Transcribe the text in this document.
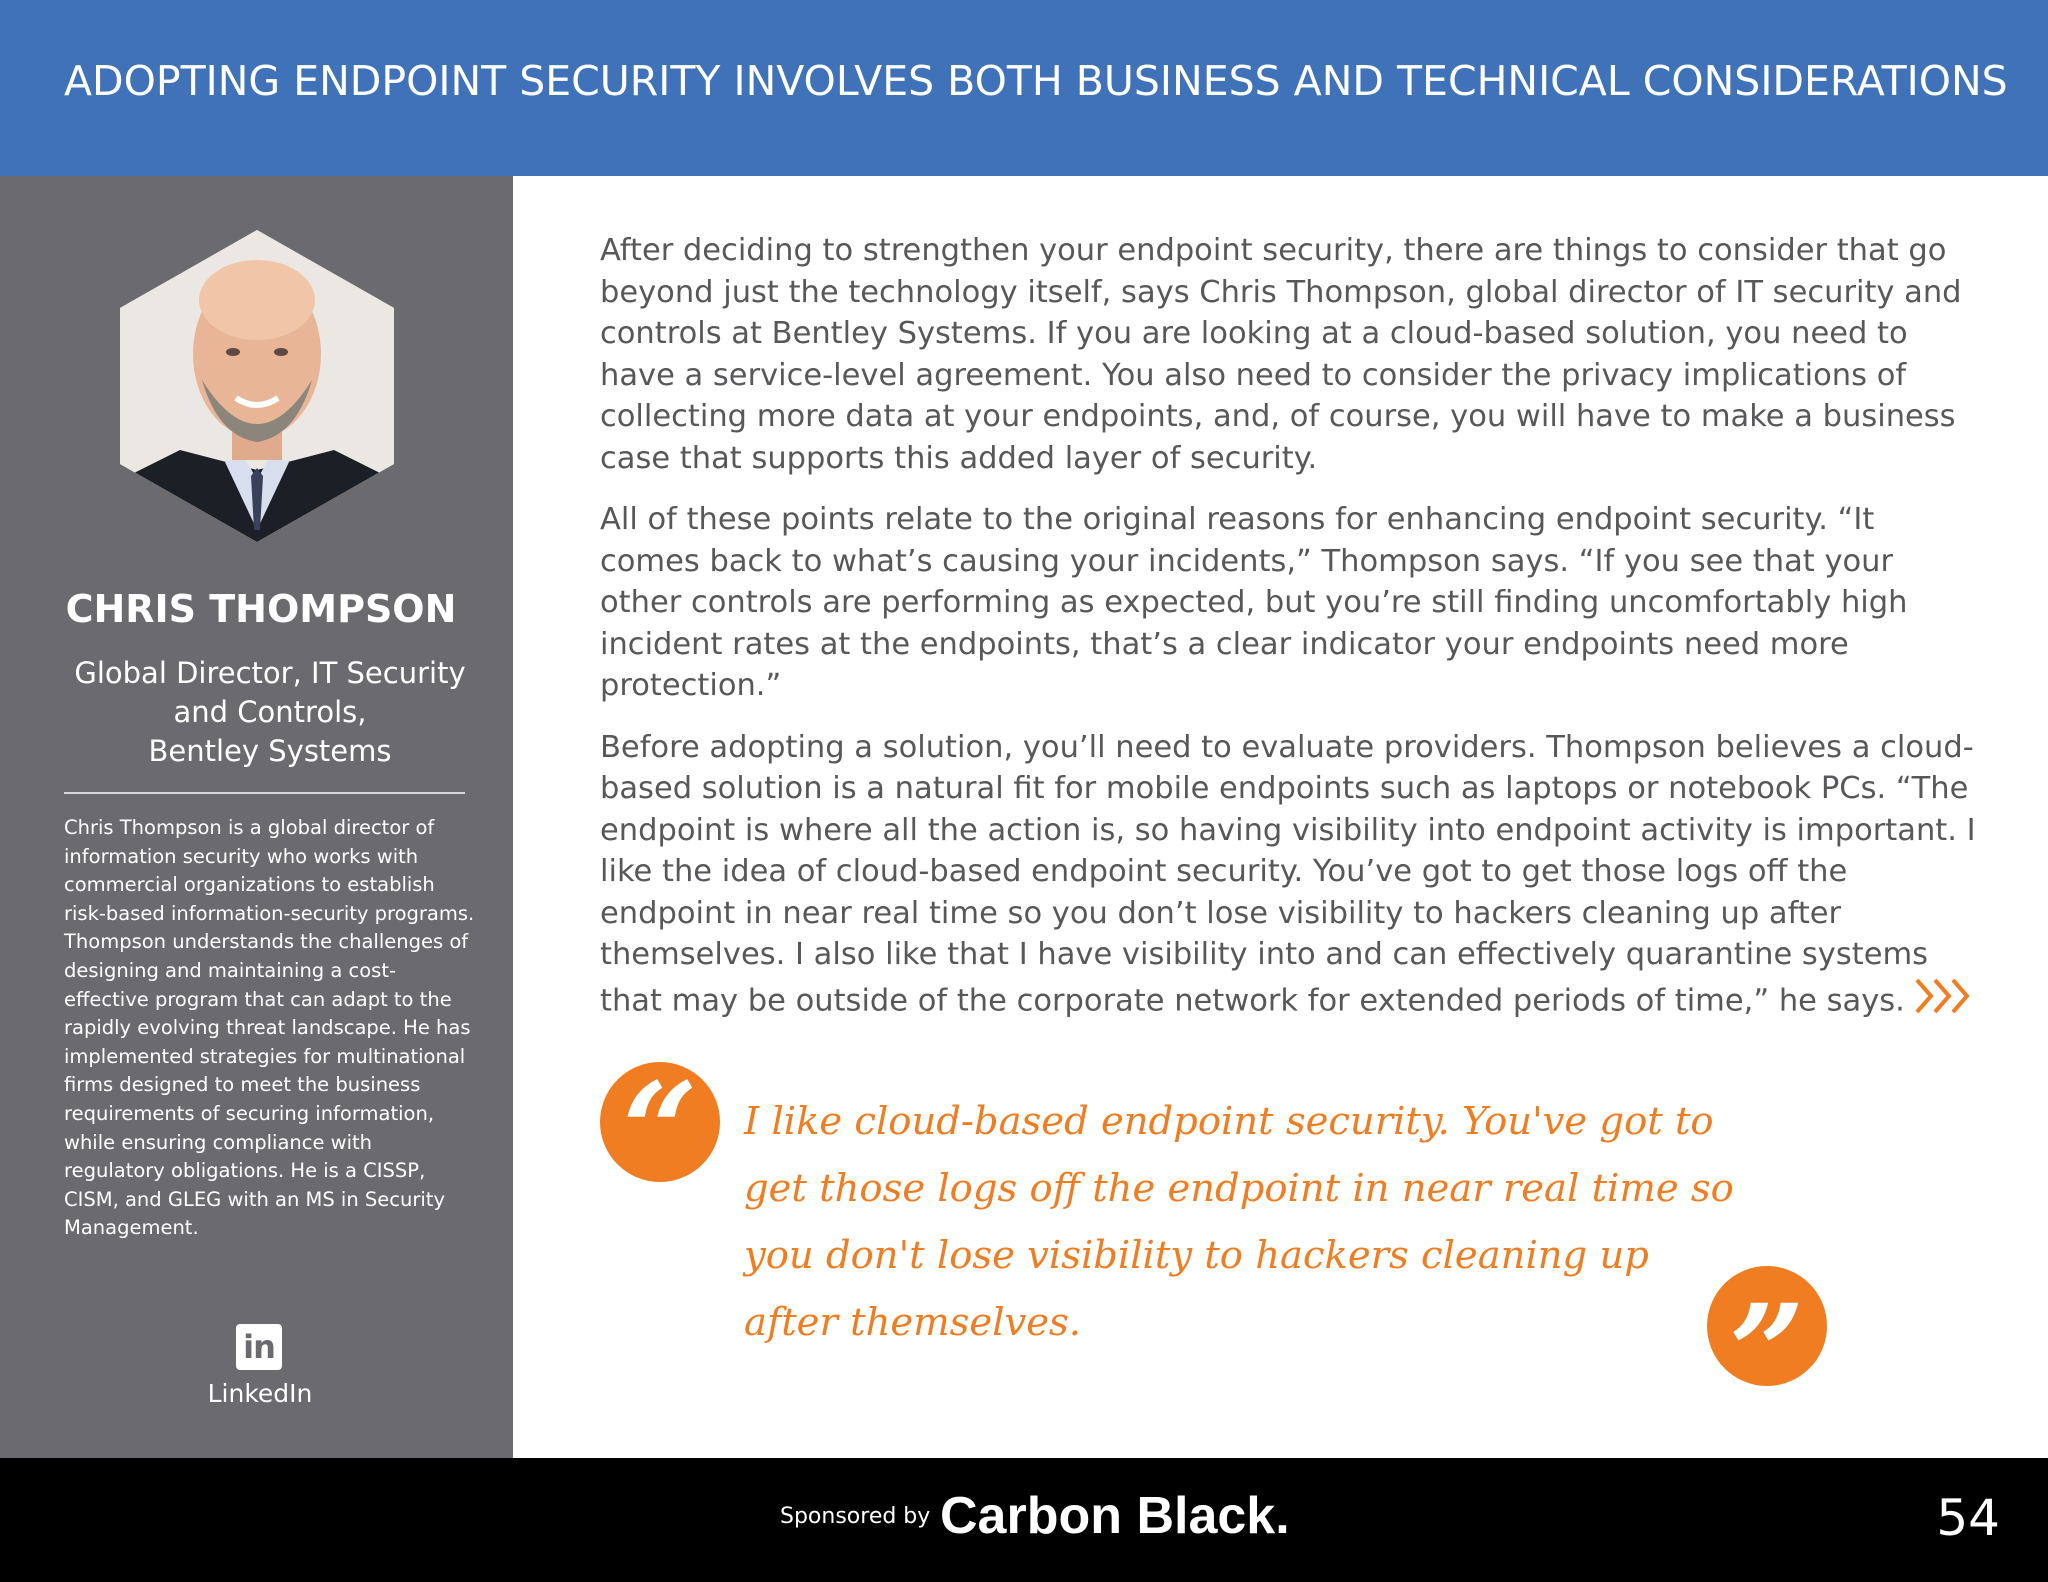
ADOPTING ENDPOINT SECURITY INVOLVES BOTH BUSINESS AND TECHNICAL CONSIDERATIONS
CHRIS THOMPSON

Global Director, IT Security
and Controls,
Bentley Systems

Chris Thompson is a global director of information security who works with commercial organizations to establish risk-based information-security programs. Thompson understands the challenges of designing and maintaining a cost-effective program that can adapt to the rapidly evolving threat landscape. He has implemented strategies for multinational firms designed to meet the business requirements of securing information, while ensuring compliance with regulatory obligations. He is a CISSP, CISM, and GLEG with an MS in Security Management.

in

LinkedIn

After deciding to strengthen your endpoint security, there are things to consider that go beyond just the technology itself, says Chris Thompson, global director of IT security and controls at Bentley Systems. If you are looking at a cloud-based solution, you need to have a service-level agreement. You also need to consider the privacy implications of collecting more data at your endpoints, and, of course, you will have to make a business case that supports this added layer of security.

All of these points relate to the original reasons for enhancing endpoint security. “It comes back to what’s causing your incidents,” Thompson says. “If you see that your other controls are performing as expected, but you’re still finding uncomfortably high incident rates at the endpoints, that’s a clear indicator your endpoints need more protection.”

Before adopting a solution, you’ll need to evaluate providers. Thompson believes a cloud-based solution is a natural fit for mobile endpoints such as laptops or notebook PCs. “The endpoint is where all the action is, so having visibility into endpoint activity is important. I like the idea of cloud-based endpoint security. You’ve got to get those logs off the endpoint in near real time so you don’t lose visibility to hackers cleaning up after themselves. I also like that I have visibility into and can effectively quarantine systems that may be outside of the corporate network for extended periods of time,” he says.

“	I like cloud-based endpoint security. You've got to get those logs off the endpoint in near real time so you don't lose visibility to hackers cleaning up after themselves.	”

Sponsored by Carbon Black.	54
